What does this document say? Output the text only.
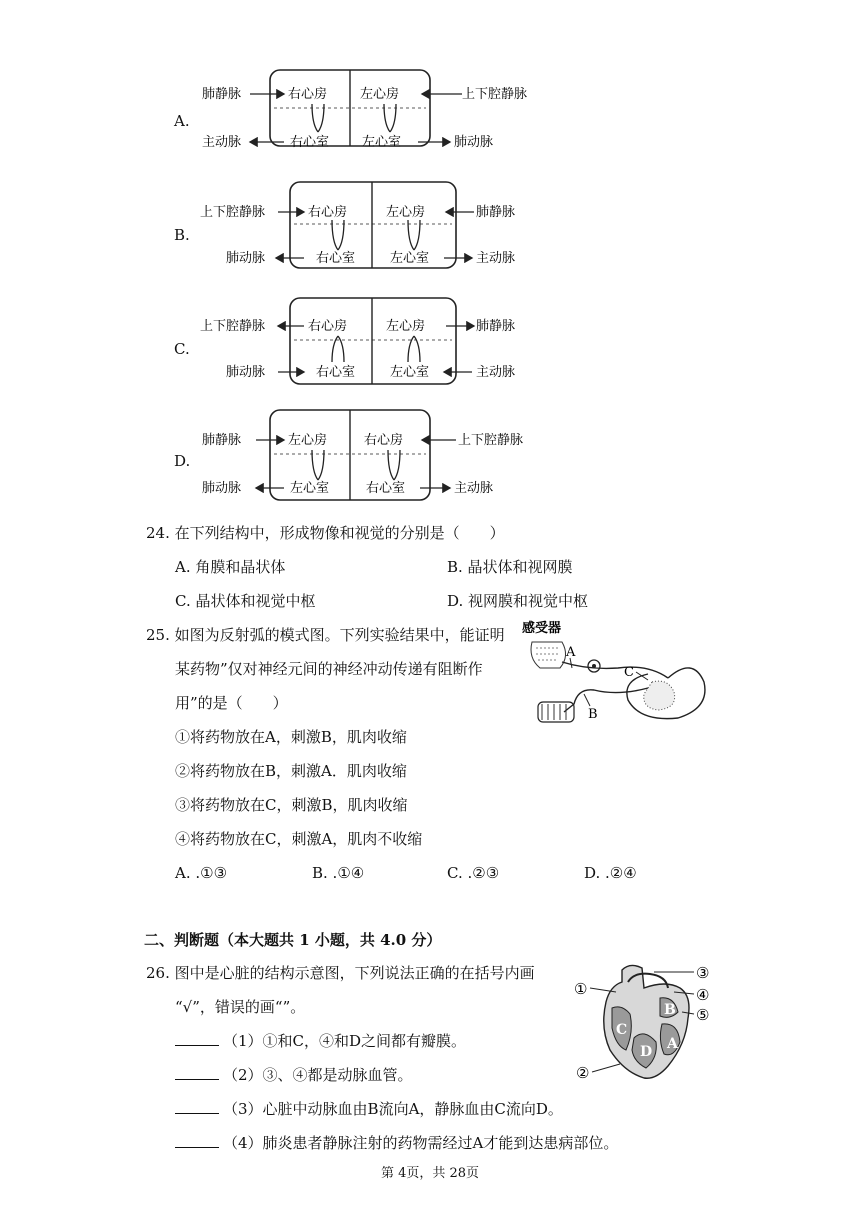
A.
肺静脉	右心房	左心房	上下腔静脉
主动脉	右心室	左心室	肺动脉
B.
上下腔静脉	右心房	左心房	肺静脉
肺动脉	右心室	左心室	主动脉
C.
上下腔静脉	右心房	左心房	肺静脉
肺动脉	右心室	左心室	主动脉
D.
肺静脉	左心房	右心房	上下腔静脉
肺动脉	左心室	右心室	主动脉
24. 在下列结构中，形成物像和视觉的分别是（　　）
A. 角膜和晶状体	B. 晶状体和视网膜
C. 晶状体和视觉中枢	D. 视网膜和视觉中枢
25. 如图为反射弧的模式图。下列实验结果中，能证明
某药物”仅对神经元间的神经冲动传递有阻断作
用”的是（　　）
①将药物放在A，刺激B，肌肉收缩
②将药物放在B，刺激A．肌肉收缩
③将药物放在C，刺激B，肌肉收缩
④将药物放在C，刺激A，肌肉不收缩
A. .①③	B. .①④	C. .②③	D. .②④
感受器
A
C
B
二、判断题（本大题共 1 小题，共 4.0 分）
26. 图中是心脏的结构示意图，下列说法正确的在括号内画
“√”，错误的画“”。
（1）①和C，④和D之间都有瓣膜。
（2）③、④都是动脉血管。
（3）心脏中动脉血由B流向A，静脉血由C流向D。
（4）肺炎患者静脉注射的药物需经过A才能到达患病部位。
C
D
B
A
①
②
③
④
⑤
第 4页，共 28页
